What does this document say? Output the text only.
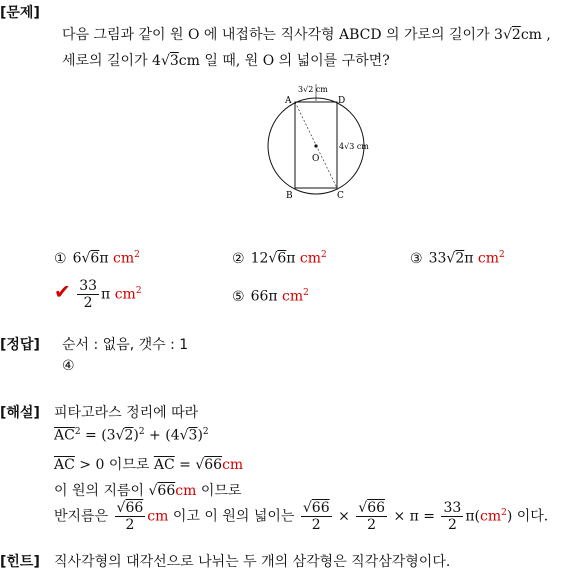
[문제]
다음 그림과 같이 원 O 에 내접하는 직사각형 ABCD 의 가로의 길이가 3√2cm ,
세로의 길이가 4√3cm 일 때, 원 O 의 넓이를 구하면?
A	D
B	C
O
3√2 cm
4√3 cm
① 6√6π $cm^2$	② 12√6π $cm^2$	③ 33√2π $cm^2$
✔ $\frac{33}{2}$ π $cm^2$	⑤ 66π $cm^2$
[정답] 순서 : 없음, 갯수 : 1
④
[해설] 피타고라스 정리에 따라
$\overline{AC}^2 = (3√2)^2 + (4√3)^2$
$\overline{AC} > 0$ 이므로 $\overline{AC} = √66cm$
이 원의 지름이 √66cm 이므로
반지름은 $\frac{√66}{2}$ cm 이고 이 원의 넓이는 $\frac{√66}{2} \times \frac{√66}{2} \times \pi = \frac{33}{2} \pi(cm^2)$ 이다.
[힌트] 직사각형의 대각선으로 나뉘는 두 개의 삼각형은 직각삼각형이다.
